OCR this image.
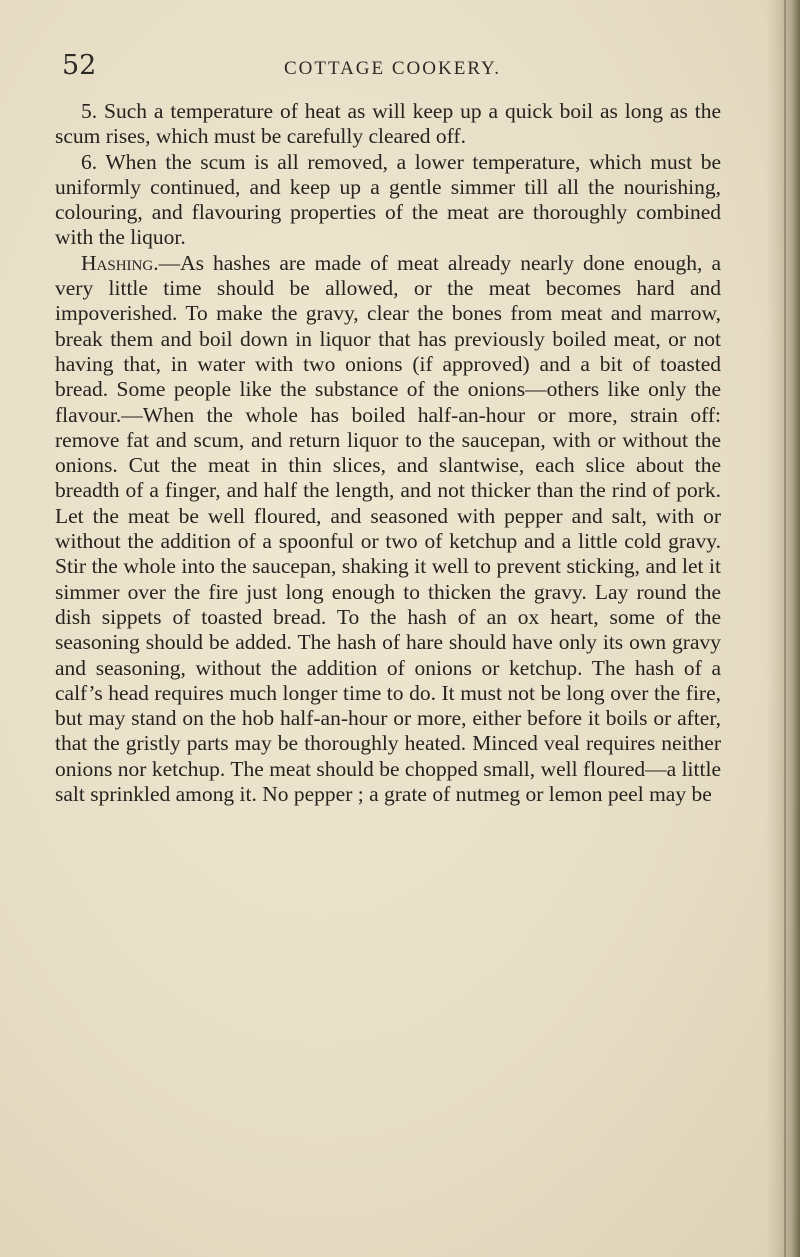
52	COTTAGE COOKERY.

5. Such a temperature of heat as will keep up a quick boil as long as the scum rises, which must be carefully cleared off.

6. When the scum is all removed, a lower temperature, which must be uniformly continued, and keep up a gentle simmer till all the nourishing, colouring, and flavouring properties of the meat are thoroughly combined with the liquor.

Hashing.—As hashes are made of meat already nearly done enough, a very little time should be allowed, or the meat becomes hard and impoverished. To make the gravy, clear the bones from meat and marrow, break them and boil down in liquor that has previously boiled meat, or not having that, in water with two onions (if approved) and a bit of toasted bread. Some people like the substance of the onions—others like only the flavour.—When the whole has boiled half-an-hour or more, strain off: remove fat and scum, and return liquor to the saucepan, with or without the onions. Cut the meat in thin slices, and slantwise, each slice about the breadth of a finger, and half the length, and not thicker than the rind of pork. Let the meat be well floured, and seasoned with pepper and salt, with or without the addition of a spoonful or two of ketchup and a little cold gravy. Stir the whole into the saucepan, shaking it well to prevent sticking, and let it simmer over the fire just long enough to thicken the gravy. Lay round the dish sippets of toasted bread. To the hash of an ox heart, some of the seasoning should be added. The hash of hare should have only its own gravy and seasoning, without the addition of onions or ketchup. The hash of a calf’s head requires much longer time to do. It must not be long over the fire, but may stand on the hob half-an-hour or more, either before it boils or after, that the gristly parts may be thoroughly heated. Minced veal requires neither onions nor ketchup. The meat should be chopped small, well floured—a little salt sprinkled among it. No pepper ; a grate of nutmeg or lemon peel may be
